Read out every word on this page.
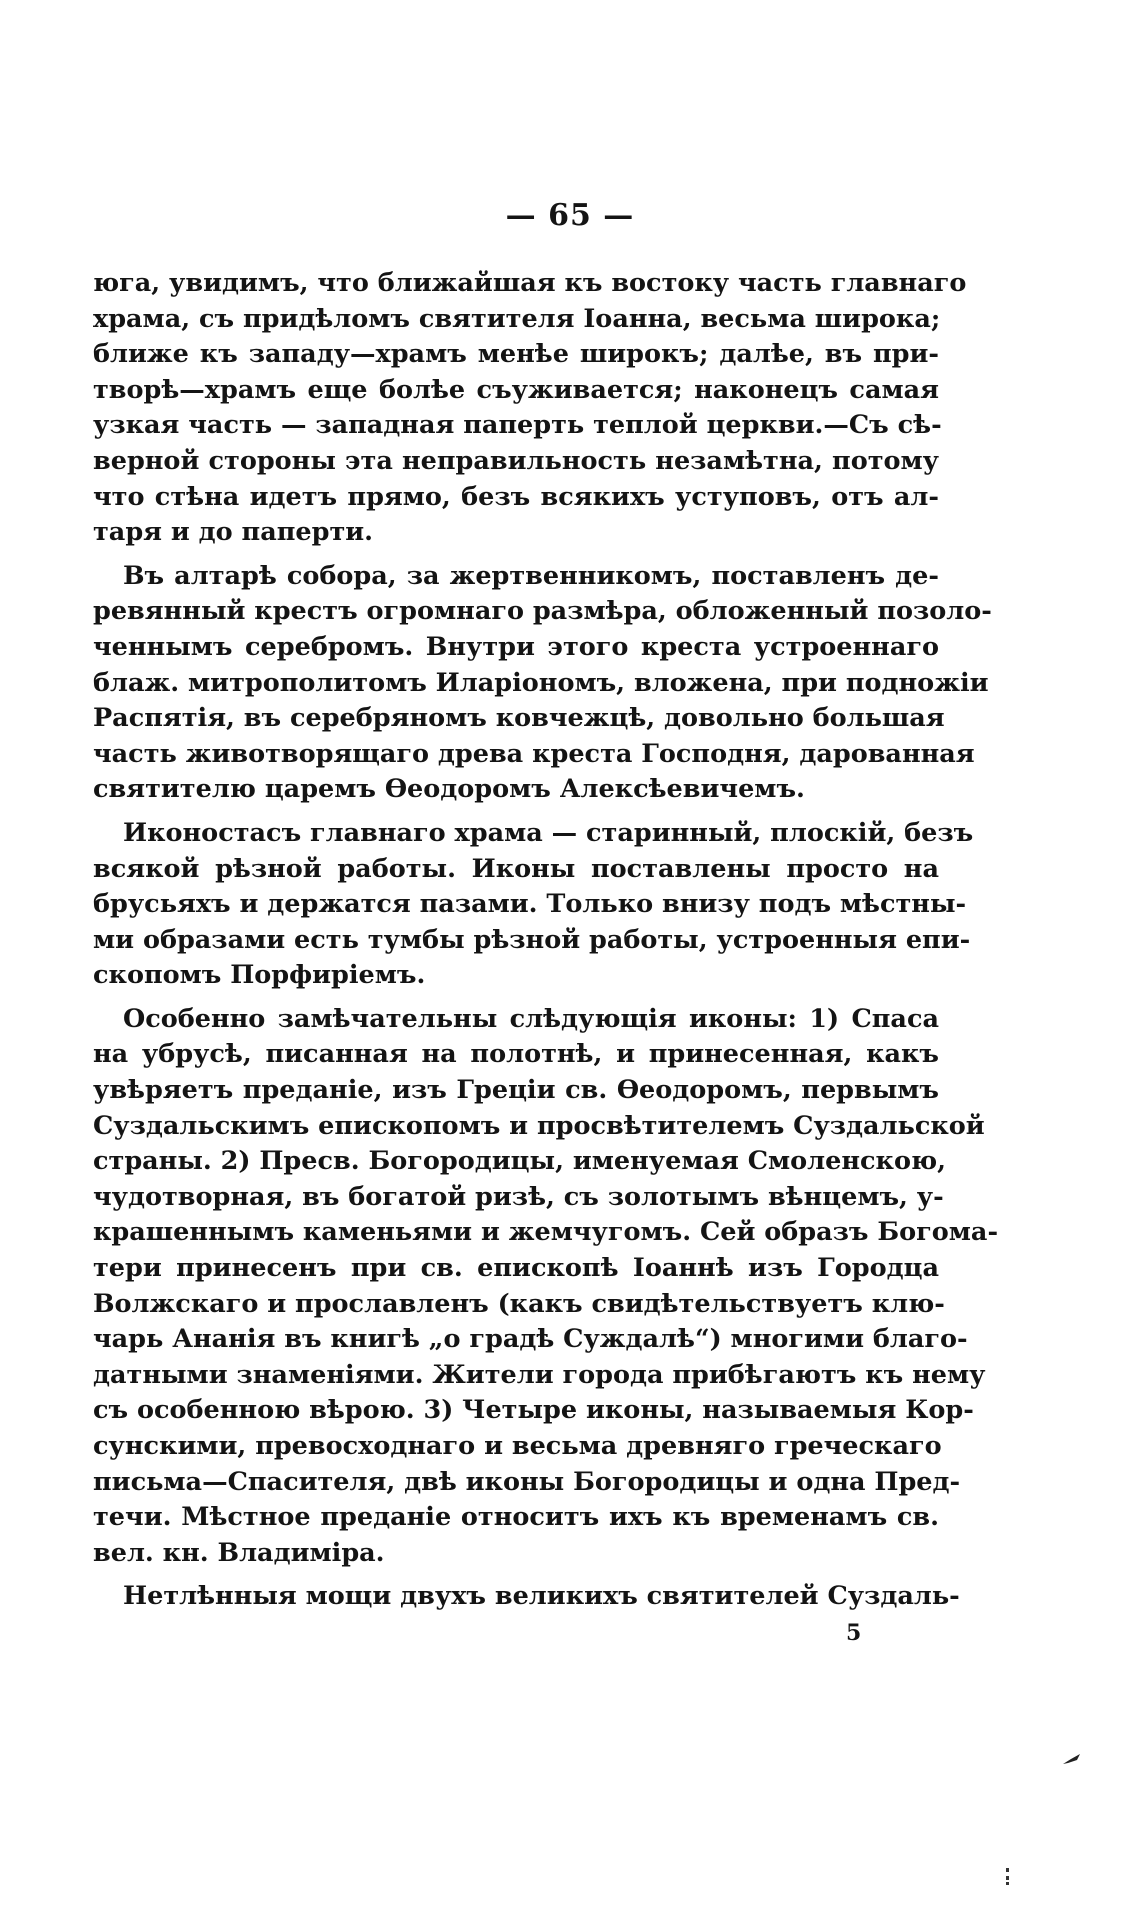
— 65 —
юга, увидимъ, что ближайшая къ востоку часть главнаго
храма, съ придѣломъ святителя Іоанна, весьма широка;
ближе къ западу—храмъ менѣе широкъ; далѣе, въ при-
творѣ—храмъ еще болѣе съуживается; наконецъ самая
узкая часть — западная паперть теплой церкви.—Съ сѣ-
верной стороны эта неправильность незамѣтна, потому
что стѣна идетъ прямо, безъ всякихъ уступовъ, отъ ал-
таря и до паперти.
Въ алтарѣ собора, за жертвенникомъ, поставленъ де-
ревянный крестъ огромнаго размѣра, обложенный позоло-
ченнымъ серебромъ. Внутри этого креста устроеннаго
блаж. митрополитомъ Иларіономъ, вложена, при подножіи
Распятія, въ серебряномъ ковчежцѣ, довольно большая
часть животворящаго древа креста Господня, дарованная
святителю царемъ Ѳеодоромъ Алексѣевичемъ.
Иконостасъ главнаго храма — старинный, плоскій, безъ
всякой рѣзной работы. Иконы поставлены просто на
брусьяхъ и держатся пазами. Только внизу подъ мѣстны-
ми образами есть тумбы рѣзной работы, устроенныя епи-
скопомъ Порфиріемъ.
Особенно замѣчательны слѣдующія иконы: 1) Спаса
на убрусѣ, писанная на полотнѣ, и принесенная, какъ
увѣряетъ преданіе, изъ Греціи св. Ѳеодоромъ, первымъ
Суздальскимъ епископомъ и просвѣтителемъ Суздальской
страны. 2) Пресв. Богородицы, именуемая Смоленскою,
чудотворная, въ богатой ризѣ, съ золотымъ вѣнцемъ, у-
крашеннымъ каменьями и жемчугомъ. Сей образъ Богома-
тери принесенъ при св. епископѣ Іоаннѣ изъ Городца
Волжскаго и прославленъ (какъ свидѣтельствуетъ клю-
чарь Ананія въ книгѣ „о градѣ Суждалѣ“) многими благо-
датными знаменіями. Жители города прибѣгаютъ къ нему
съ особенною вѣрою. 3) Четыре иконы, называемыя Кор-
сунскими, превосходнаго и весьма древняго греческаго
письма—Спасителя, двѣ иконы Богородицы и одна Пред-
течи. Мѣстное преданіе относитъ ихъ къ временамъ св.
вел. кн. Владиміра.
Нетлѣнныя мощи двухъ великихъ святителей Суздаль-
5
